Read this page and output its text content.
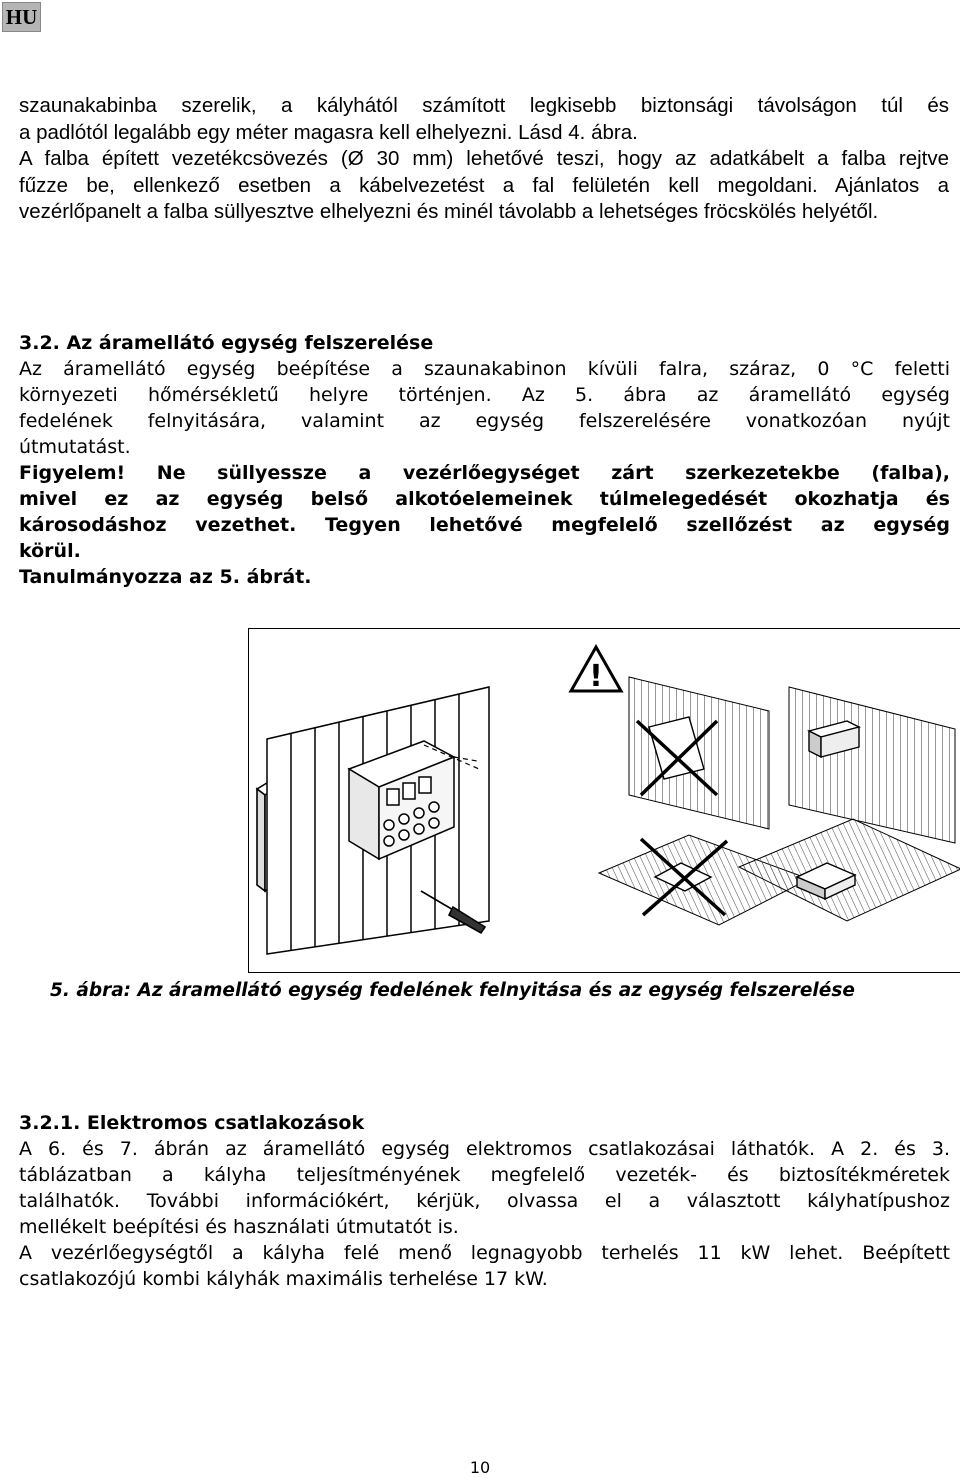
HU
szaunakabinba szerelik, a kályhától számított legkisebb biztonsági távolságon túl és
a padlótól legalább egy méter magasra kell elhelyezni. Lásd 4. ábra.
A falba épített vezetékcsövezés (Ø 30 mm) lehetővé teszi, hogy az adatkábelt a falba rejtve
fűzze be, ellenkező esetben a kábelvezetést a fal felületén kell megoldani. Ajánlatos a
vezérlőpanelt a falba süllyesztve elhelyezni és minél távolabb a lehetséges fröcskölés helyétől.
3.2. Az áramellátó egység felszerelése
Az áramellátó egység beépítése a szaunakabinon kívüli falra, száraz, 0 °C feletti
környezeti hőmérsékletű helyre történjen. Az 5. ábra az áramellátó egység
fedelének felnyitására, valamint az egység felszerelésére vonatkozóan nyújt
útmutatást.
Figyelem! Ne süllyessze a vezérlőegységet zárt szerkezetekbe (falba),
mivel ez az egység belső alkotóelemeinek túlmelegedését okozhatja és
károsodáshoz vezethet. Tegyen lehetővé megfelelő szellőzést az egység
körül.
Tanulmányozza az 5. ábrát.
!
5. ábra: Az áramellátó egység fedelének felnyitása és az egység felszerelése
3.2.1. Elektromos csatlakozások
A 6. és 7. ábrán az áramellátó egység elektromos csatlakozásai láthatók. A 2. és 3.
táblázatban a kályha teljesítményének megfelelő vezeték- és biztosítékméretek
találhatók. További információkért, kérjük, olvassa el a választott kályhatípushoz
mellékelt beépítési és használati útmutatót is.
A vezérlőegységtől a kályha felé menő legnagyobb terhelés 11 kW lehet. Beépített
csatlakozójú kombi kályhák maximális terhelése 17 kW.
10
